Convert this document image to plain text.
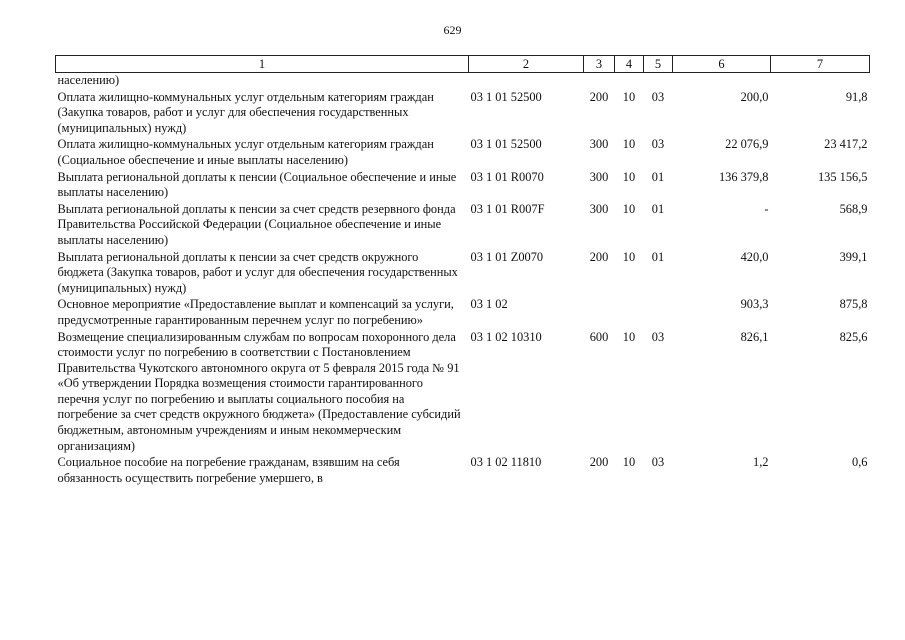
629
1	2	3	4	5	6	7
населению)						
Оплата жилищно-коммунальных услуг отдельным категориям граждан (Закупка товаров, работ и услуг для обеспечения государственных (муниципальных) нужд)	03 1 01 52500	200	10	03	200,0	91,8
Оплата жилищно-коммунальных услуг отдельным категориям граждан (Социальное обеспечение и иные выплаты населению)	03 1 01 52500	300	10	03	22 076,9	23 417,2
Выплата региональной доплаты к пенсии (Социальное обеспечение и иные выплаты населению)	03 1 01 R0070	300	10	01	136 379,8	135 156,5
Выплата региональной доплаты к пенсии за счет средств резервного фонда Правительства Российской Федерации (Социальное обеспечение и иные выплаты населению)	03 1 01 R007F	300	10	01	-	568,9
Выплата региональной доплаты к пенсии за счет средств окружного бюджета (Закупка товаров, работ и услуг для обеспечения государственных (муниципальных) нужд)	03 1 01 Z0070	200	10	01	420,0	399,1
Основное мероприятие «Предоставление выплат и компенсаций за услуги, предусмотренные гарантированным перечнем услуг по погребению»	03 1 02				903,3	875,8
Возмещение специализированным службам по вопросам похоронного дела стоимости услуг по погребению в соответствии с Постановлением Правительства Чукотского автономного округа от 5 февраля 2015 года № 91 «Об утверждении Порядка возмещения стоимости гарантированного перечня услуг по погребению и выплаты социального пособия на погребение за счет средств окружного бюджета» (Предоставление субсидий бюджетным, автономным учреждениям и иным некоммерческим организациям)	03 1 02 10310	600	10	03	826,1	825,6
Социальное пособие на погребение гражданам, взявшим на себя обязанность осуществить погребение умершего, в	03 1 02 11810	200	10	03	1,2	0,6
